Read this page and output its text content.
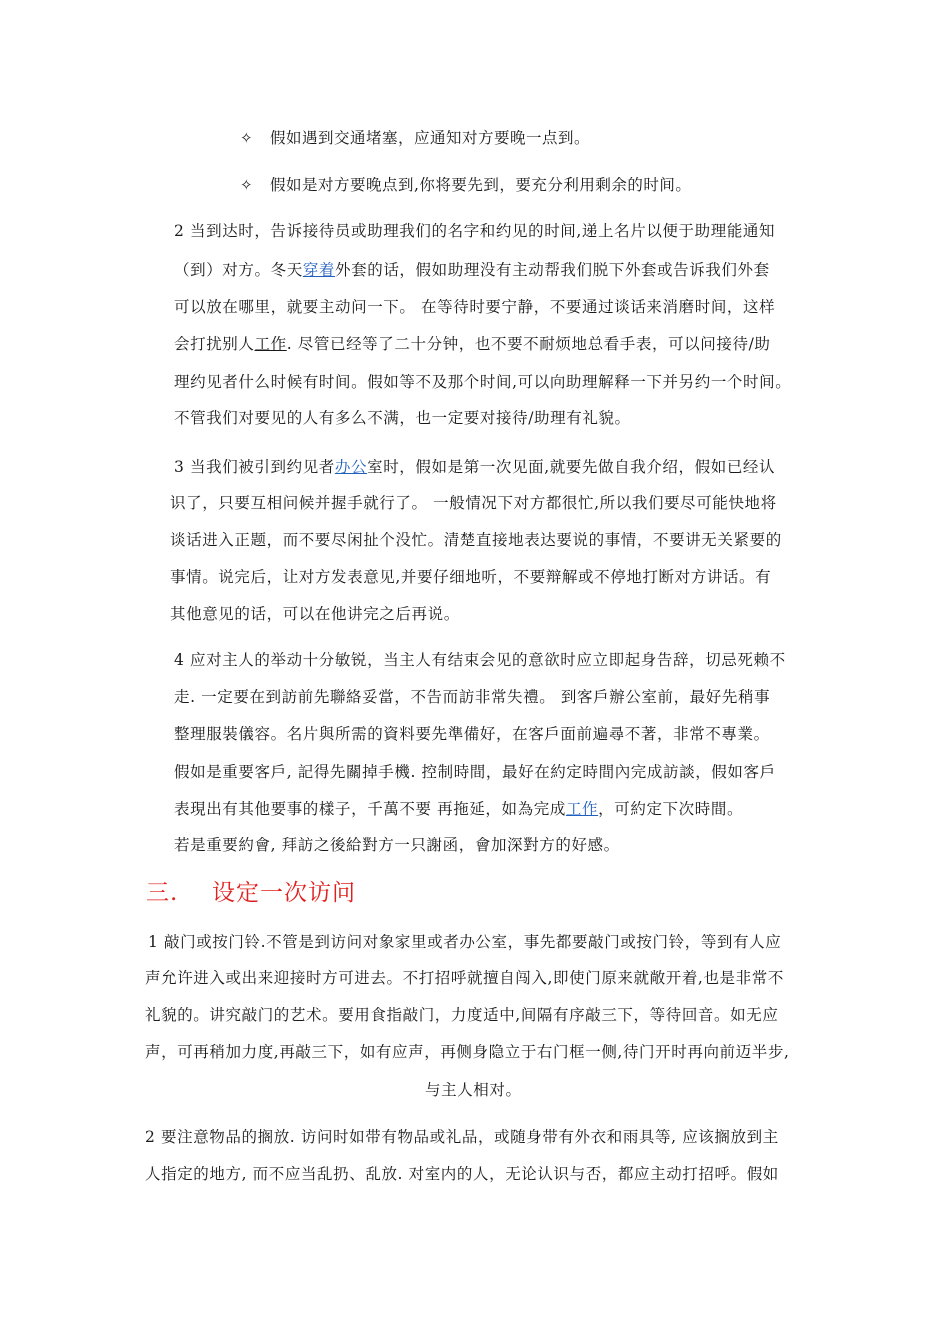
✧ 假如遇到交通堵塞，应通知对方要晚一点到。
✧ 假如是对方要晚点到,你将要先到，要充分利用剩余的时间。
2 当到达时，告诉接待员或助理我们的名字和约见的时间,递上名片以便于助理能通知
（到）对方。冬天穿着外套的话，假如助理没有主动帮我们脱下外套或告诉我们外套
可以放在哪里，就要主动问一下。 在等待时要宁静，不要通过谈话来消磨时间，这样
会打扰别人工作. 尽管已经等了二十分钟，也不要不耐烦地总看手表，可以问接待/助
理约见者什么时候有时间。假如等不及那个时间,可以向助理解释一下并另约一个时间。
不管我们对要见的人有多么不满，也一定要对接待/助理有礼貌。
3 当我们被引到约见者办公室时，假如是第一次见面,就要先做自我介绍，假如已经认
识了，只要互相问候并握手就行了。 一般情况下对方都很忙,所以我们要尽可能快地将
谈话进入正题，而不要尽闲扯个没忙。清楚直接地表达要说的事情，不要讲无关紧要的
事情。说完后，让对方发表意见,并要仔细地听，不要辩解或不停地打断对方讲话。有
其他意见的话，可以在他讲完之后再说。
4 应对主人的举动十分敏锐，当主人有结束会见的意欲时应立即起身告辞，切忌死赖不
走. 一定要在到訪前先聯絡妥當，不告而訪非常失禮。 到客戶辦公室前，最好先稍事
整理服裝儀容。名片與所需的資料要先準備好，在客戶面前遍尋不著，非常不專業。
假如是重要客戶, 記得先關掉手機. 控制時間，最好在約定時間內完成訪談，假如客戶
表現出有其他要事的樣子，千萬不要 再拖延，如為完成工作，可約定下次時間。
若是重要約會, 拜訪之後給對方一只謝函，會加深對方的好感。
三. 设定一次访问
1 敲门或按门铃.不管是到访问对象家里或者办公室，事先都要敲门或按门铃，等到有人应
声允许进入或出来迎接时方可进去。不打招呼就擅自闯入,即使门原来就敞开着,也是非常不
礼貌的。讲究敲门的艺术。要用食指敲门，力度适中,间隔有序敲三下，等待回音。如无应
声，可再稍加力度,再敲三下，如有应声，再侧身隐立于右门框一侧,待门开时再向前迈半步,
与主人相对。
2 要注意物品的搁放. 访问时如带有物品或礼品，或随身带有外衣和雨具等, 应该搁放到主
人指定的地方, 而不应当乱扔、乱放. 对室内的人，无论认识与否，都应主动打招呼。假如
